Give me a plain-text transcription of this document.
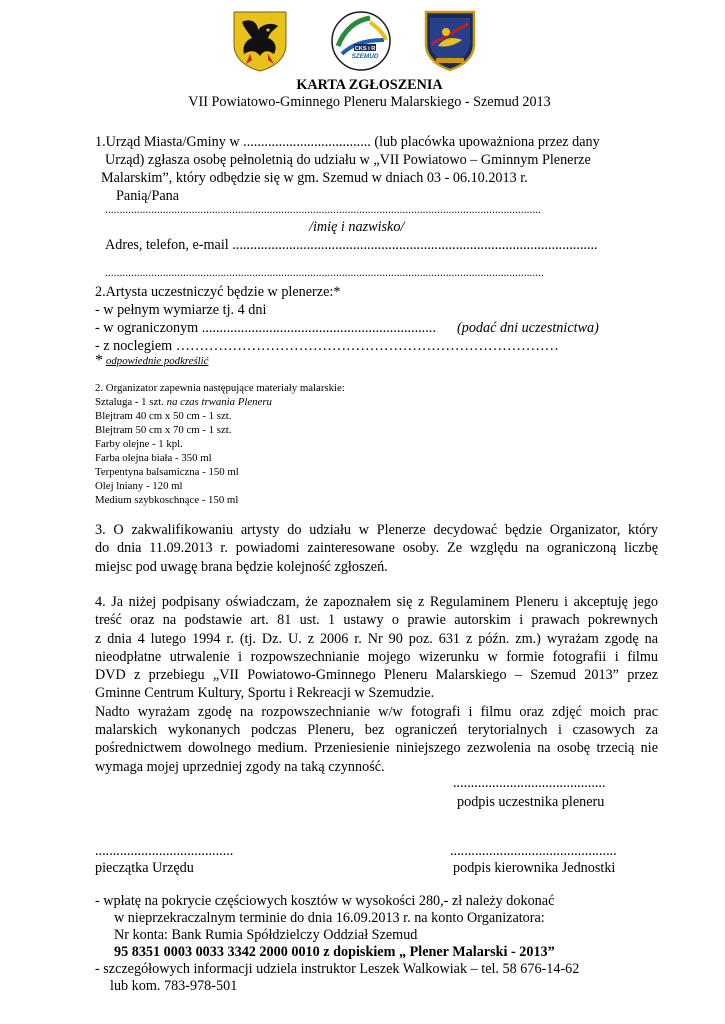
CKS i R
SZEMUD
KARTA ZGŁOSZENIA
VII Powiatowo-Gminnego Pleneru Malarskiego - Szemud 2013
1.Urząd Miasta/Gminy w .................................... (lub placówka upoważniona przez dany
Urząd) zgłasza osobę pełnoletnią do udziału w „VII Powiatowo – Gminnym Plenerze
Malarskim”, który odbędzie się w gm. Szemud w dniach 03 - 06.10.2013 r.
Panią/Pana
.......................................................................................................................................................
/imię i nazwisko/
Adres, telefon, e-mail .......................................................................................................
........................................................................................................................................................
2.Artysta uczestniczyć będzie w plenerze:*
- w pełnym wymiarze tj. 4 dni
- w ograniczonym .................................................................. (podać dni uczestnictwa)
- z noclegiem ………………………………………………………………………
* odpowiednie podkreślić
2. Organizator zapewnia następujące materiały malarskie:
Sztaluga - 1 szt. na czas trwania Pleneru
Blejtram 40 cm x 50 cm - 1 szt.
Blejtram 50 cm x 70 cm - 1 szt.
Farby olejne - 1 kpl.
Farba olejna biała - 350 ml
Terpentyna balsamiczna - 150 ml
Olej lniany - 120 ml
Medium szybkoschnące - 150 ml
3. O zakwalifikowaniu artysty do udziału w Plenerze decydować będzie Organizator, który
do dnia 11.09.2013 r. powiadomi zainteresowane osoby. Ze względu na ograniczoną liczbę
miejsc pod uwagę brana będzie kolejność zgłoszeń.
4. Ja niżej podpisany oświadczam, że zapoznałem się z Regulaminem Pleneru i akceptuję jego
treść oraz na podstawie art. 81 ust. 1 ustawy o prawie autorskim i prawach pokrewnych
z dnia 4 lutego 1994 r. (tj. Dz. U. z 2006 r. Nr 90 poz. 631 z późn. zm.) wyrażam zgodę na
nieodpłatne utrwalenie i rozpowszechnianie mojego wizerunku w formie fotografii i filmu
DVD z przebiegu „VII Powiatowo-Gminnego Pleneru Malarskiego – Szemud 2013” przez
Gminne Centrum Kultury, Sportu i Rekreacji w Szemudzie.
Nadto wyrażam zgodę na rozpowszechnianie w/w fotografi i filmu oraz zdjęć moich prac
malarskich wykonanych podczas Pleneru, bez ograniczeń terytorialnych i czasowych za
pośrednictwem dowolnego medium. Przeniesienie niniejszego zezwolenia na osobę trzecią nie
wymaga mojej uprzedniej zgody na taką czynność.
...........................................
podpis uczestnika pleneru
.......................................
pieczątka Urzędu
...............................................
podpis kierownika Jednostki
- wpłatę na pokrycie częściowych kosztów w wysokości 280,- zł należy dokonać
w nieprzekraczalnym terminie do dnia 16.09.2013 r. na konto Organizatora:
Nr konta: Bank Rumia Spółdzielczy Oddział Szemud
95 8351 0003 0033 3342 2000 0010 z dopiskiem „ Plener Malarski - 2013”
- szczegółowych informacji udziela instruktor Leszek Walkowiak – tel. 58 676-14-62
lub kom. 783-978-501
